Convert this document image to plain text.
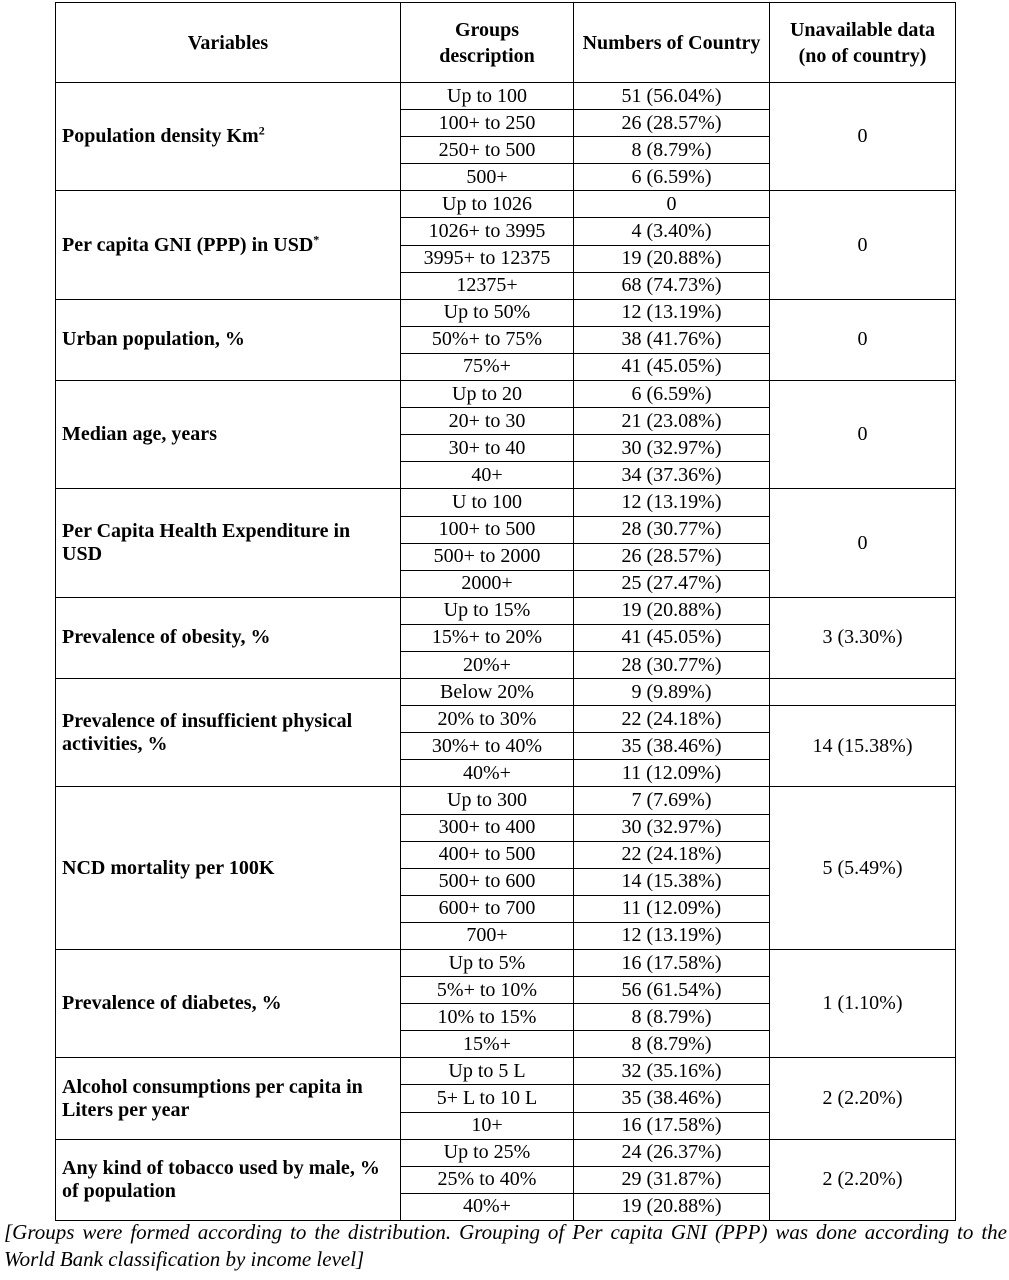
Variables	Groups description	Numbers of Country	Unavailable data (no of country)
Population density Km$^2$	Up to 100	51 (56.04%)	0
	100+ to 250	26 (28.57%)	
	250+ to 500	8 (8.79%)	
	500+	6 (6.59%)	
Per capita GNI (PPP) in USD*	Up to 1026	0	0
	1026+ to 3995	4 (3.40%)	
	3995+ to 12375	19 (20.88%)	
	12375+	68 (74.73%)	
Urban population, %	Up to 50%	12 (13.19%)	0
	50%+ to 75%	38 (41.76%)	
	75%+	41 (45.05%)	
Median age, years	Up to 20	6 (6.59%)	0
	20+ to 30	21 (23.08%)	
	30+ to 40	30 (32.97%)	
	40+	34 (37.36%)	
Per Capita Health Expenditure in USD	U to 100	12 (13.19%)	0
	100+ to 500	28 (30.77%)	
	500+ to 2000	26 (28.57%)	
	2000+	25 (27.47%)	
Prevalence of obesity, %	Up to 15%	19 (20.88%)	3 (3.30%)
	15%+ to 20%	41 (45.05%)	
	20%+	28 (30.77%)	
Prevalence of insufficient physical activities, %	Below 20%	9 (9.89%)	
	20% to 30%	22 (24.18%)	14 (15.38%)
	30%+ to 40%	35 (38.46%)	
	40%+	11 (12.09%)	
NCD mortality per 100K	Up to 300	7 (7.69%)	5 (5.49%)
	300+ to 400	30 (32.97%)	
	400+ to 500	22 (24.18%)	
	500+ to 600	14 (15.38%)	
	600+ to 700	11 (12.09%)	
	700+	12 (13.19%)	
Prevalence of diabetes, %	Up to 5%	16 (17.58%)	1 (1.10%)
	5%+ to 10%	56 (61.54%)	
	10% to 15%	8 (8.79%)	
	15%+	8 (8.79%)	
Alcohol consumptions per capita in Liters per year	Up to 5 L	32 (35.16%)	2 (2.20%)
	5+ L to 10 L	35 (38.46%)	
	10+	16 (17.58%)	
Any kind of tobacco used by male, % of population	Up to 25%	24 (26.37%)	2 (2.20%)
	25% to 40%	29 (31.87%)	
	40%+	19 (20.88%)	
[Groups were formed according to the distribution. Grouping of Per capita GNI (PPP) was done according to the World Bank classification by income level]
